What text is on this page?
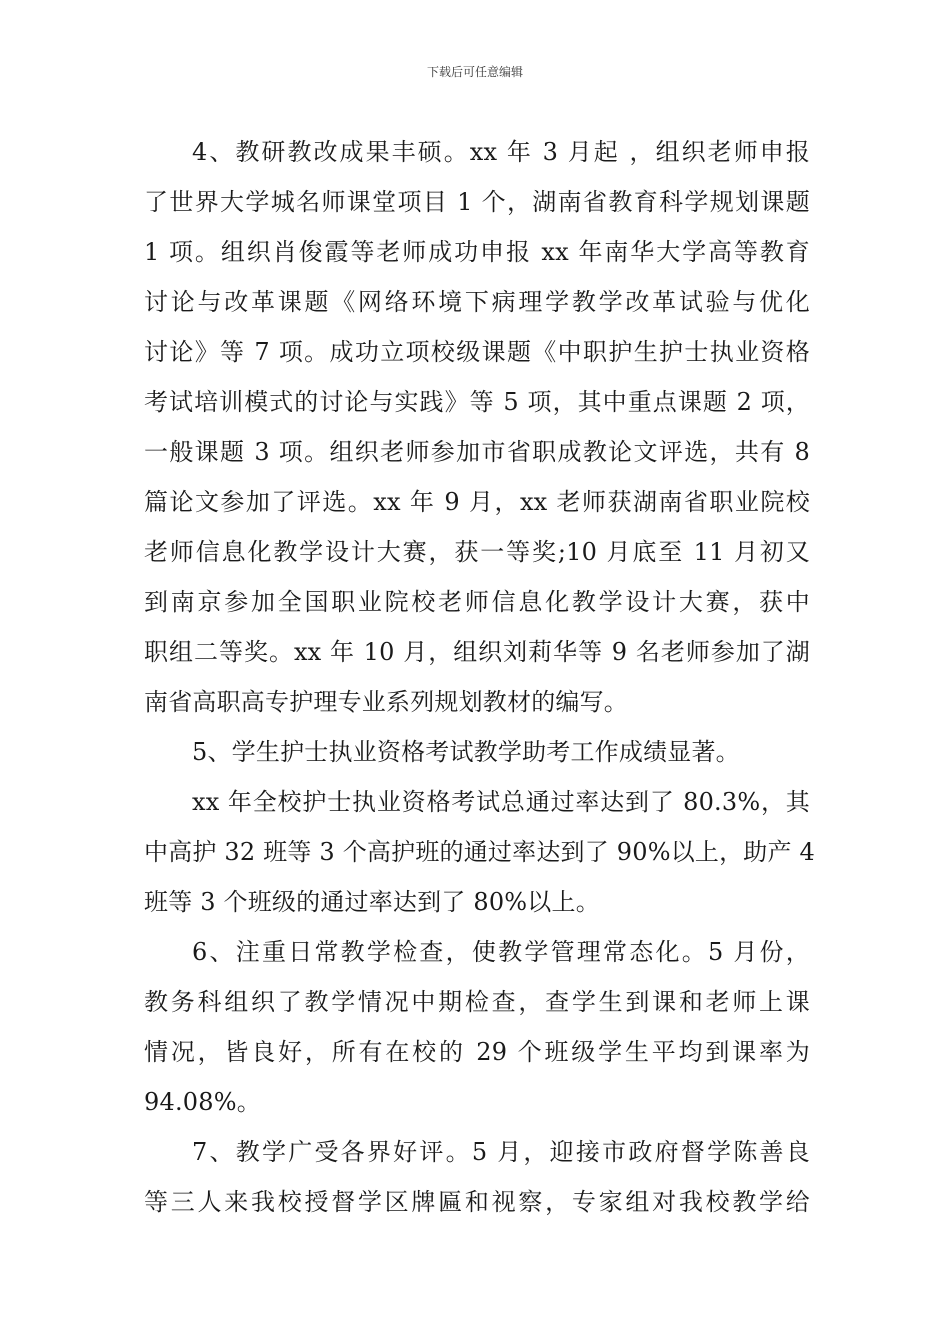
下载后可任意编辑
4、教研教改成果丰硕。xx 年 3 月起 ，组织老师申报
了世界大学城名师课堂项目 1 个，湖南省教育科学规划课题
1 项。组织肖俊霞等老师成功申报 xx 年南华大学高等教育
讨论与改革课题《网络环境下病理学教学改革试验与优化
讨论》等 7 项。成功立项校级课题《中职护生护士执业资格
考试培训模式的讨论与实践》等 5 项，其中重点课题 2 项，
一般课题 3 项。组织老师参加市省职成教论文评选，共有 8
篇论文参加了评选。xx 年 9 月，xx 老师获湖南省职业院校
老师信息化教学设计大赛，获一等奖;10 月底至 11 月初又
到南京参加全国职业院校老师信息化教学设计大赛，获中
职组二等奖。xx 年 10 月，组织刘莉华等 9 名老师参加了湖
南省高职高专护理专业系列规划教材的编写。
5、学生护士执业资格考试教学助考工作成绩显著。
xx 年全校护士执业资格考试总通过率达到了 80.3%，其
中高护 32 班等 3 个高护班的通过率达到了 90%以上，助产 4
班等 3 个班级的通过率达到了 80%以上。
6、注重日常教学检查，使教学管理常态化。5 月份，
教务科组织了教学情况中期检查，查学生到课和老师上课
情况，皆良好，所有在校的 29 个班级学生平均到课率为
94.08%。
7、教学广受各界好评。5 月，迎接市政府督学陈善良
等三人来我校授督学区牌匾和视察，专家组对我校教学给
